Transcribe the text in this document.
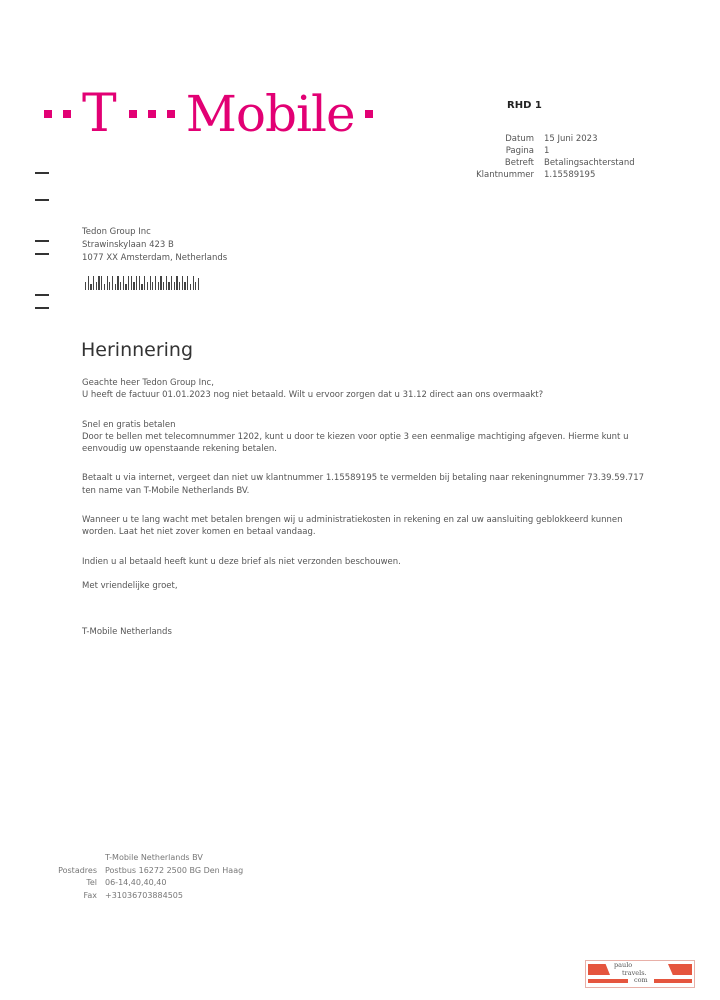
T Mobile	RHD 1
Datum	15 Juni 2023
Pagina	1
Betreft	Betalingsachterstand
Klantnummer	1.15589195
Tedon Group Inc
Strawinskylaan 423 B
1077 XX Amsterdam, Netherlands
Herinnering

Geachte heer Tedon Group Inc,
U heeft de factuur 01.01.2023 nog niet betaald. Wilt u ervoor zorgen dat u 31.12 direct aan ons overmaakt?

Snel en gratis betalen
Door te bellen met telecomnummer 1202, kunt u door te kiezen voor optie 3 een eenmalige machtiging afgeven. Hierme kunt u eenvoudig uw openstaande rekening betalen.

Betaalt u via internet, vergeet dan niet uw klantnummer 1.15589195 te vermelden bij betaling naar rekeningnummer 73.39.59.717 ten name van T-Mobile Netherlands BV.

Wanneer u te lang wacht met betalen brengen wij u administratiekosten in rekening en zal uw aansluiting geblokkeerd kunnen worden. Laat het niet zover komen en betaal vandaag.

Indien u al betaald heeft kunt u deze brief als niet verzonden beschouwen.

Met vriendelijke groet,

T-Mobile Netherlands
T-Mobile Netherlands BV
Postadres	Postbus 16272 2500 BG Den Haag
Tel	06-14,40,40,40
Fax	+31036703884505
paulo
travels.
com
